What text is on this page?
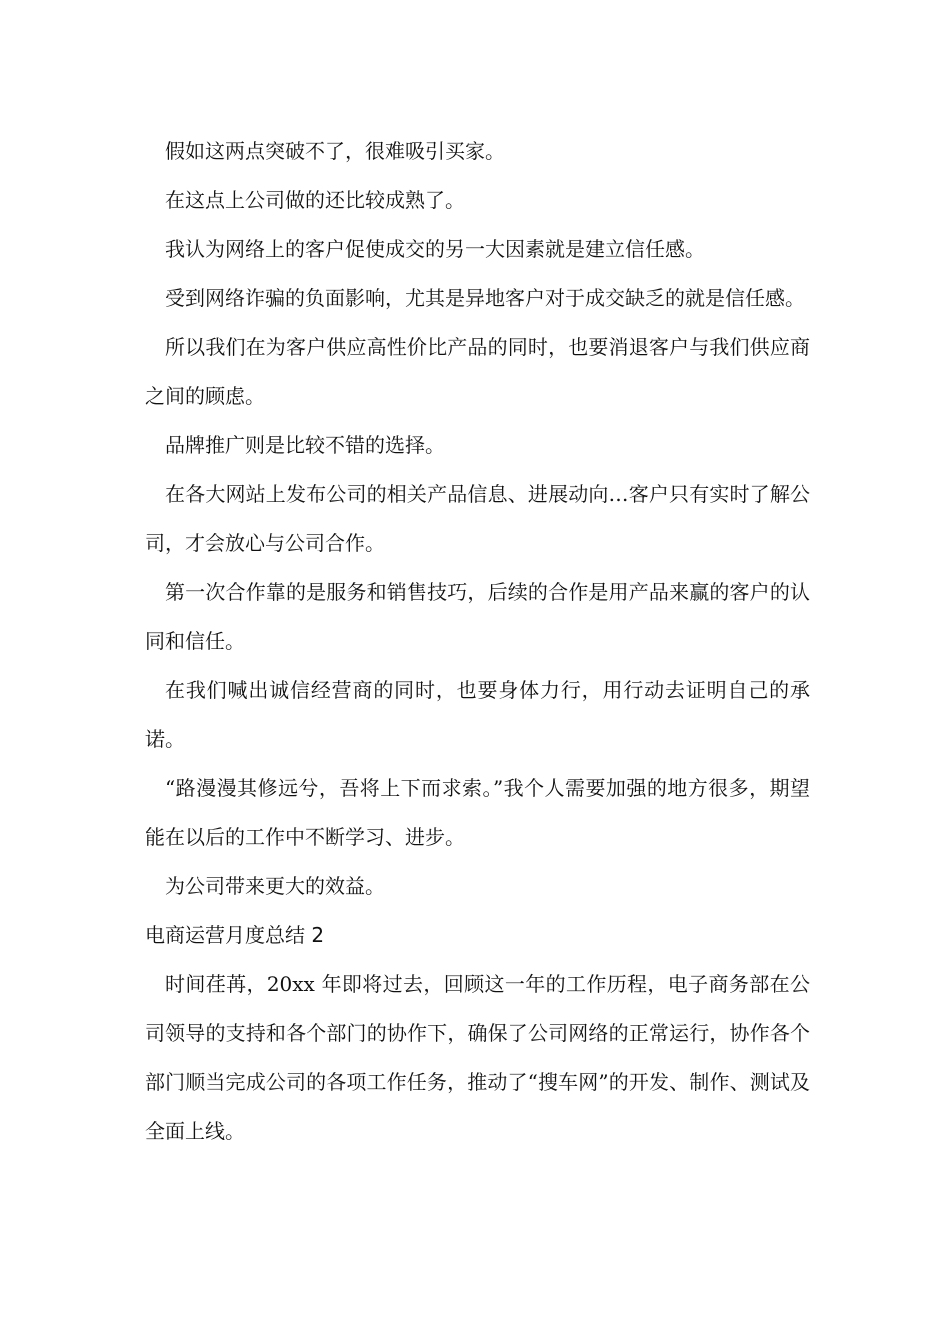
假如这两点突破不了，很难吸引买家。

在这点上公司做的还比较成熟了。

我认为网络上的客户促使成交的另一大因素就是建立信任感。

受到网络诈骗的负面影响，尤其是异地客户对于成交缺乏的就是信任感。

所以我们在为客户供应高性价比产品的同时，也要消退客户与我们供应商之间的顾虑。

品牌推广则是比较不错的选择。

在各大网站上发布公司的相关产品信息、进展动向…客户只有实时了解公司，才会放心与公司合作。

第一次合作靠的是服务和销售技巧，后续的合作是用产品来赢的客户的认同和信任。

在我们喊出诚信经营商的同时，也要身体力行，用行动去证明自己的承诺。

“路漫漫其修远兮，吾将上下而求索。”我个人需要加强的地方很多，期望能在以后的工作中不断学习、进步。

为公司带来更大的效益。

电商运营月度总结 2

时间荏苒，20xx 年即将过去，回顾这一年的工作历程，电子商务部在公司领导的支持和各个部门的协作下，确保了公司网络的正常运行，协作各个部门顺当完成公司的各项工作任务，推动了“搜车网”的开发、制作、测试及全面上线。
